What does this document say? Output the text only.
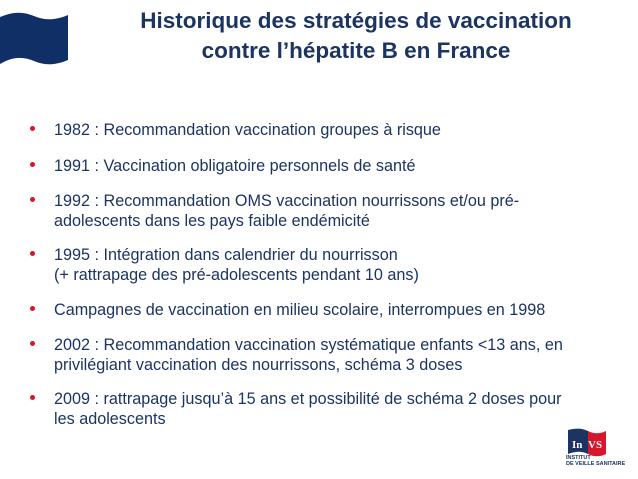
Historique des stratégies de vaccination
contre l’hépatite B en France
1982 : Recommandation vaccination groupes à risque
1991 : Vaccination obligatoire personnels de santé
1992 : Recommandation OMS vaccination nourrissons et/ou pré-
adolescents dans les pays faible endémicité
1995 : Intégration dans calendrier du nourrisson
(+ rattrapage des pré-adolescents pendant 10 ans)
Campagnes de vaccination en milieu scolaire, interrompues en 1998
2002 : Recommandation vaccination systématique enfants <13 ans, en
privilégiant vaccination des nourrissons, schéma 3 doses
2009 : rattrapage jusqu’à 15 ans et possibilité de schéma 2 doses pour
les adolescents
In VS
INSTITUT
DE VEILLE SANITAIRE
